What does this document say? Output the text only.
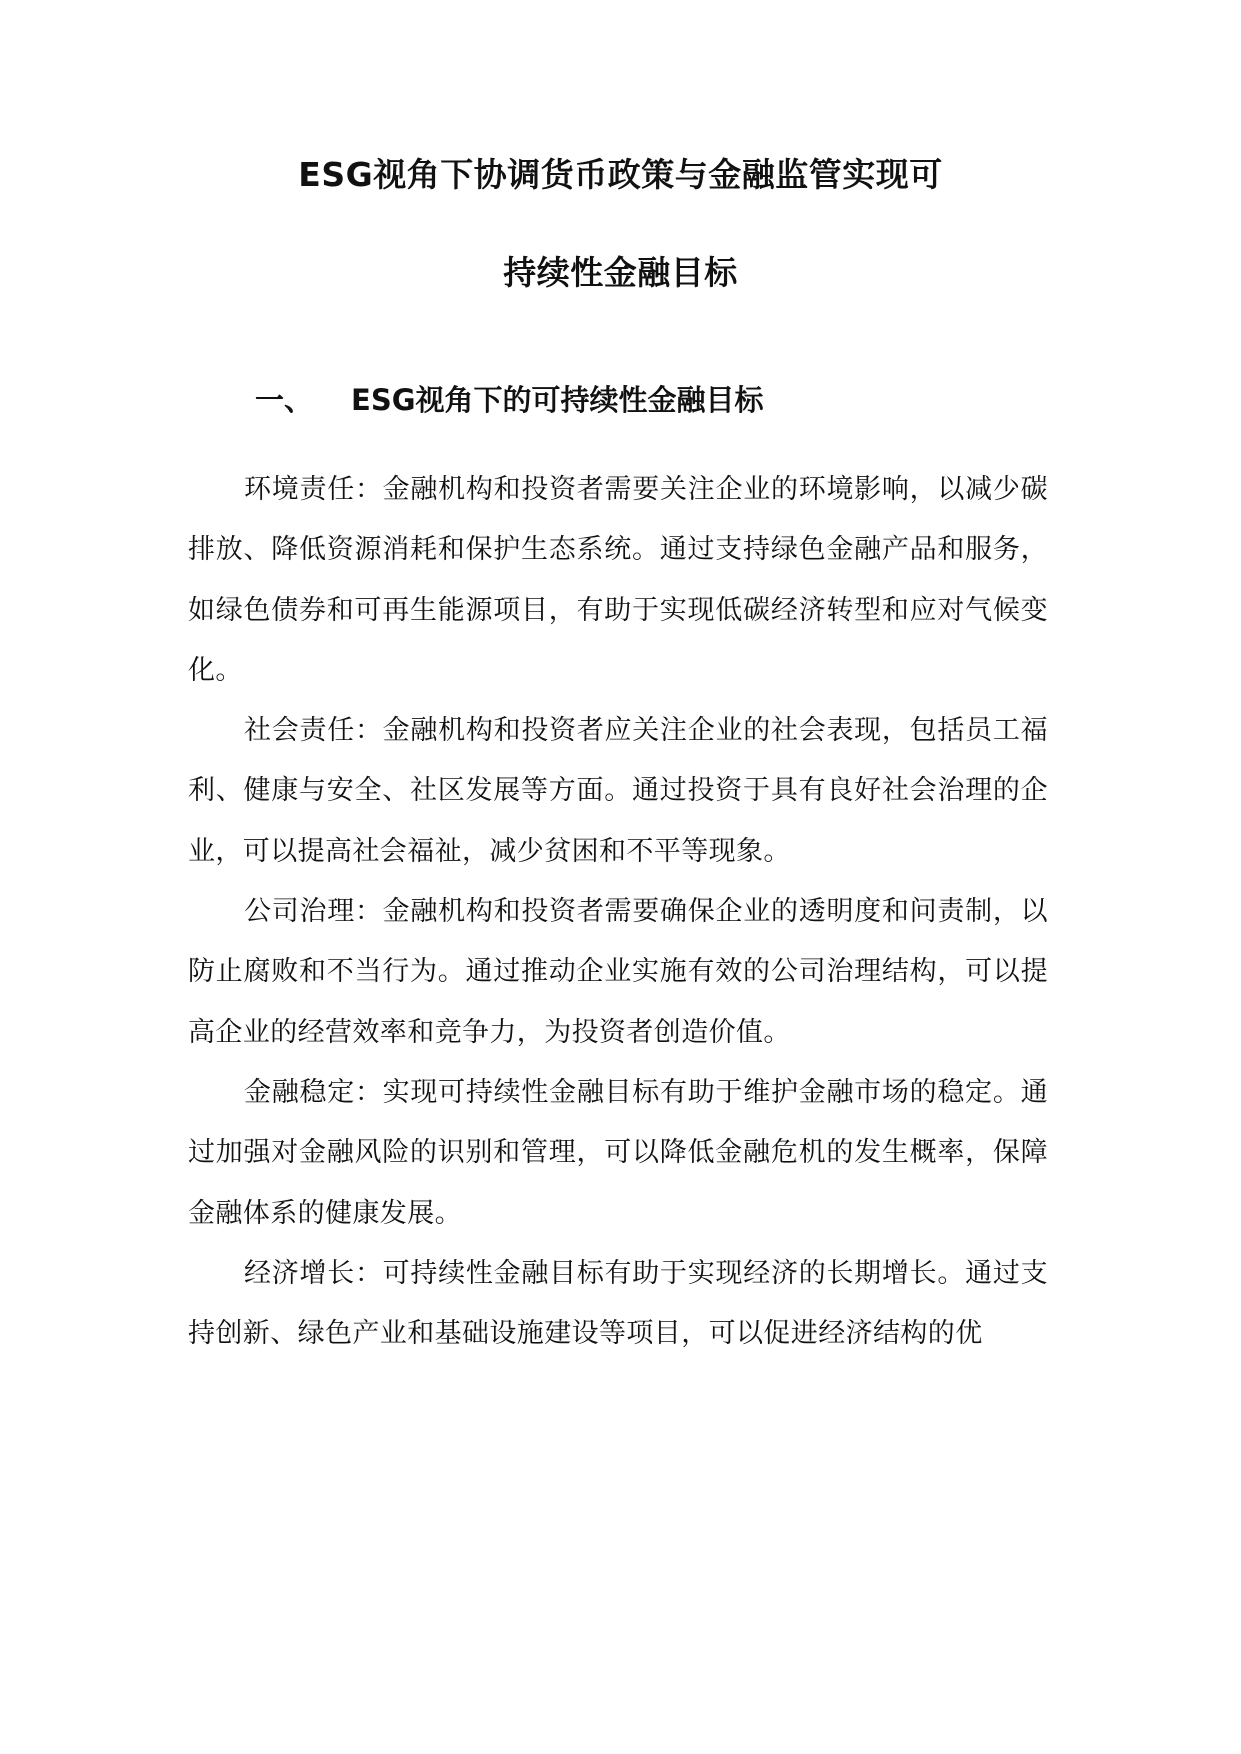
ESG视角下协调货币政策与金融监管实现可
持续性金融目标
一、 ESG视角下的可持续性金融目标

环境责任：金融机构和投资者需要关注企业的环境影响，以减少碳排放、降低资源消耗和保护生态系统。通过支持绿色金融产品和服务，如绿色债券和可再生能源项目，有助于实现低碳经济转型和应对气候变化。

社会责任：金融机构和投资者应关注企业的社会表现，包括员工福利、健康与安全、社区发展等方面。通过投资于具有良好社会治理的企业，可以提高社会福祉，减少贫困和不平等现象。

公司治理：金融机构和投资者需要确保企业的透明度和问责制，以防止腐败和不当行为。通过推动企业实施有效的公司治理结构，可以提高企业的经营效率和竞争力，为投资者创造价值。

金融稳定：实现可持续性金融目标有助于维护金融市场的稳定。通过加强对金融风险的识别和管理，可以降低金融危机的发生概率，保障金融体系的健康发展。

经济增长：可持续性金融目标有助于实现经济的长期增长。通过支持创新、绿色产业和基础设施建设等项目，可以促进经济结构的优
